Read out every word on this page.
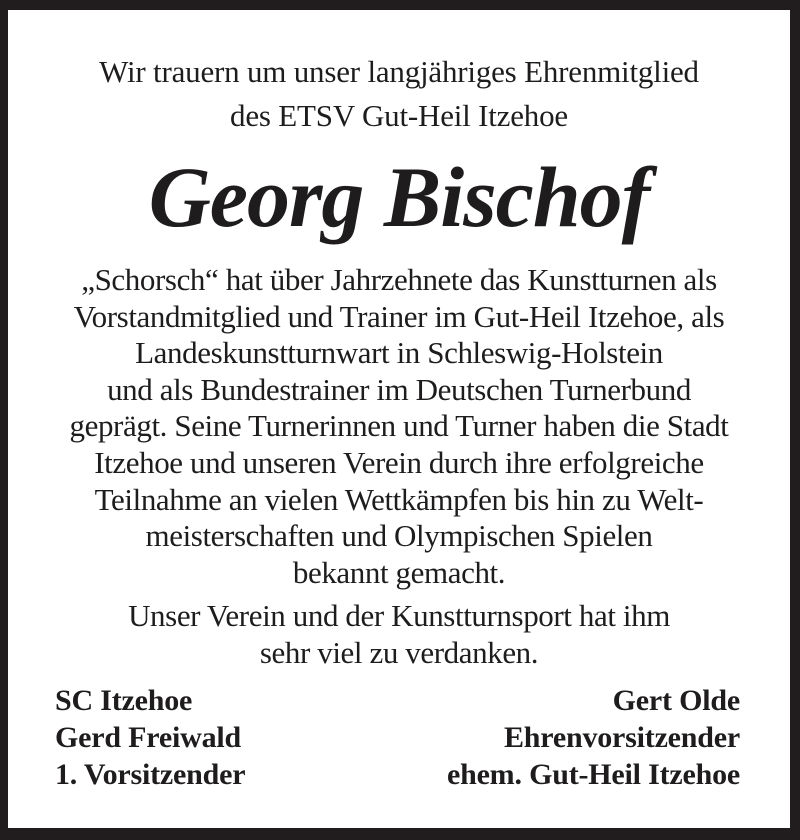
Wir trauern um unser langjähriges Ehrenmitglied
des ETSV Gut-Heil Itzehoe
Georg Bischof
„Schorsch“ hat über Jahrzehnete das Kunstturnen als
Vorstandmitglied und Trainer im Gut-Heil Itzehoe, als
Landeskunstturnwart in Schleswig-Holstein
und als Bundestrainer im Deutschen Turnerbund
geprägt. Seine Turnerinnen und Turner haben die Stadt
Itzehoe und unseren Verein durch ihre erfolgreiche
Teilnahme an vielen Wettkämpfen bis hin zu Welt-
meisterschaften und Olympischen Spielen
bekannt gemacht.
Unser Verein und der Kunstturnsport hat ihm
sehr viel zu verdanken.
SC Itzehoe
Gerd Freiwald
1. Vorsitzender
Gert Olde
Ehrenvorsitzender
ehem. Gut-Heil Itzehoe
